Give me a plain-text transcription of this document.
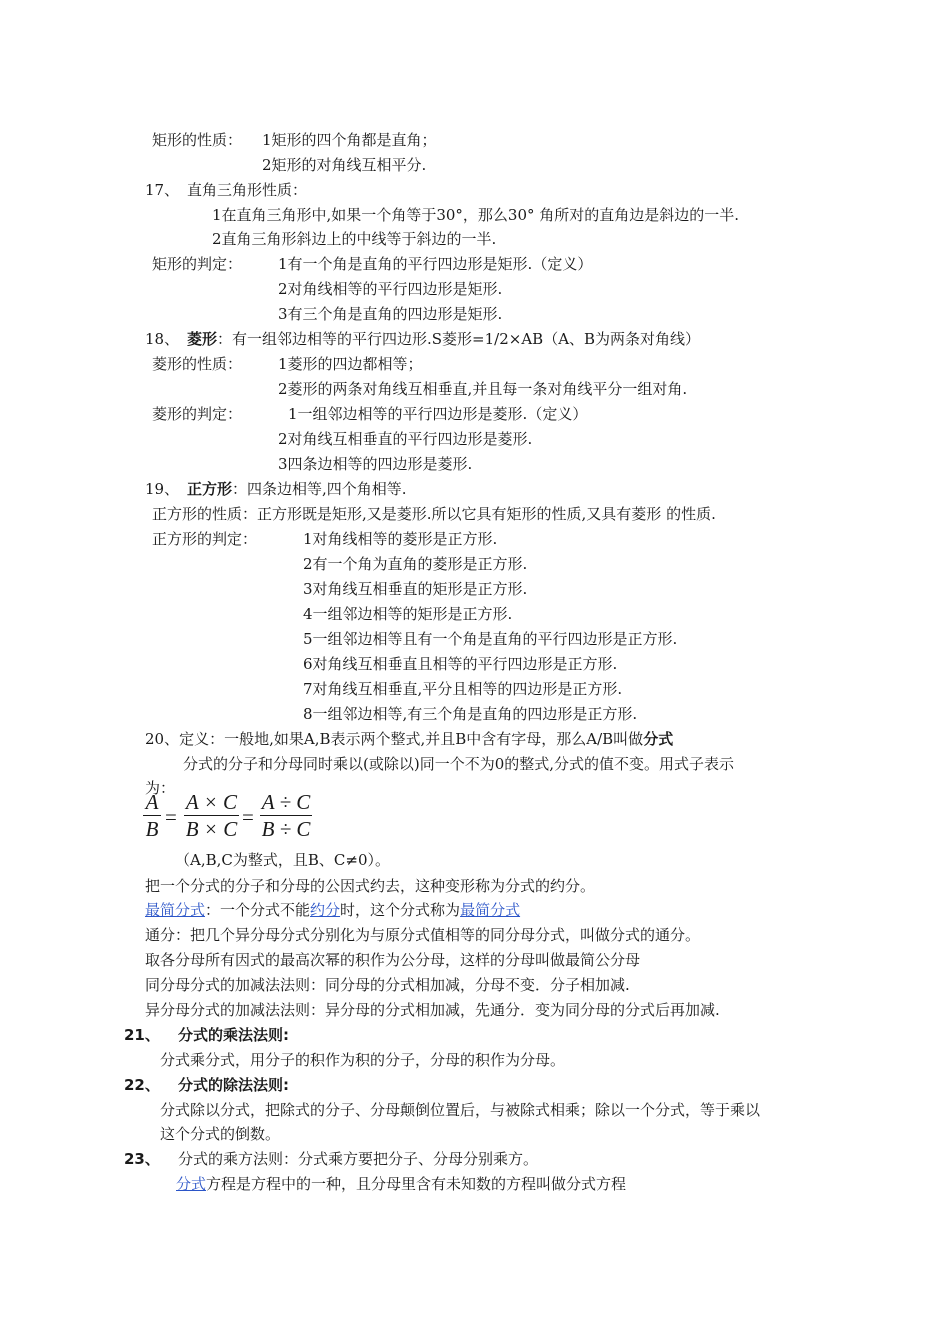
矩形的性质： 1矩形的四个角都是直角；
2矩形的对角线互相平分.
17、 直角三角形性质：
1在直角三角形中,如果一个角等于30°，那么30° 角所对的直角边是斜边的一半.
2直角三角形斜边上的中线等于斜边的一半.
矩形的判定： 1有一个角是直角的平行四边形是矩形.（定义）
2对角线相等的平行四边形是矩形.
3有三个角是直角的四边形是矩形.
18、 菱形：有一组邻边相等的平行四边形.S菱形=1/2×AB（A、B为两条对角线）
菱形的性质： 1菱形的四边都相等；
2菱形的两条对角线互相垂直,并且每一条对角线平分一组对角.
菱形的判定：	1一组邻边相等的平行四边形是菱形.（定义）
2对角线互相垂直的平行四边形是菱形.
3四条边相等的四边形是菱形.
19、 正方形：四条边相等,四个角相等.
正方形的性质：正方形既是矩形,又是菱形.所以它具有矩形的性质,又具有菱形 的性质.
正方形的判定：	1对角线相等的菱形是正方形.
2有一个角为直角的菱形是正方形.
3对角线互相垂直的矩形是正方形.
4一组邻边相等的矩形是正方形.
5一组邻边相等且有一个角是直角的平行四边形是正方形.
6对角线互相垂直且相等的平行四边形是正方形.
7对角线互相垂直,平分且相等的四边形是正方形.
8一组邻边相等,有三个角是直角的四边形是正方形.
20、定义：一般地,如果A,B表示两个整式,并且B中含有字母，那么A/B叫做分式
分式的分子和分母同时乘以(或除以)同一个不为0的整式,分式的值不变。用式子表示
为：
A
B =
A × C
B × C =
A ÷ C
B ÷ C
（A,B,C为整式，且B、C≠0）。
把一个分式的分子和分母的公因式约去，这种变形称为分式的约分。
最简分式：一个分式不能约分时，这个分式称为最简分式
通分：把几个异分母分式分别化为与原分式值相等的同分母分式，叫做分式的通分。
取各分母所有因式的最高次幂的积作为公分母，这样的分母叫做最简公分母
同分母分式的加减法法则：同分母的分式相加减，分母不变．分子相加减.
异分母分式的加减法法则：异分母的分式相加减，先通分．变为同分母的分式后再加减.
21、 分式的乘法法则:
分式乘分式，用分子的积作为积的分子，分母的积作为分母。
22、 分式的除法法则:
分式除以分式，把除式的分子、分母颠倒位置后，与被除式相乘；除以一个分式，等于乘以
这个分式的倒数。
23、 分式的乘方法则：分式乘方要把分子、分母分别乘方。
分式方程是方程中的一种，且分母里含有未知数的方程叫做分式方程
